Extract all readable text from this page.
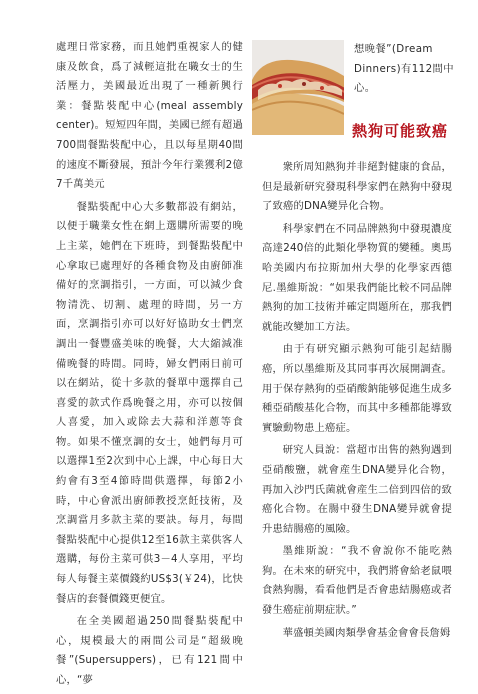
處理日常家務，而且她們重視家人的健康及飲食，爲了減輕這批在職女士的生活壓力，美國最近出現了一種新興行業：餐點裝配中心(meal assembly center)。短短四年間，美國已經有超過700間餐點裝配中心，且以每星期40間的速度不斷發展，預計今年行業獲利2億7千萬美元

餐點裝配中心大多數都設有網站，以便于職業女性在網上選購所需要的晚上主菜，她們在下班時，到餐點裝配中心拿取已處理好的各種食物及由廚師准備好的烹調指引，一方面，可以減少食物清洗、切割、處理的時間，另一方面，烹調指引亦可以好好協助女士們烹調出一餐豐盛美味的晚餐，大大縮減准備晚餐的時間。同時，婦女們兩日前可以在網站，從十多款的餐單中選擇自己喜愛的款式作爲晚餐之用，亦可以按個人喜愛，加入或除去大蒜和洋蔥等食物。如果不懂烹調的女士，她們每月可以選擇1至2次到中心上課，中心每日大約會有3至4節時間供選擇，每節2小時，中心會派出廚師教授烹飪技術，及烹調當月多款主菜的要訣。每月，每間餐點裝配中心提供12至16款主菜供客人選購，每份主菜可供3－4人享用，平均每人每餐主菜價錢約US$3(￥24)，比快餐店的套餐價錢更便宜。

在全美國超過250間餐點裝配中心，規模最大的兩間公司是“超級晚餐”(Supersuppers)，已有121間中心，“夢

想晚餐”(Dream Dinners)有112間中心。
熱狗可能致癌

衆所周知熱狗并非絕對健康的食品，但是最新研究發現科學家們在熱狗中發現了致癌的DNA變异化合物。

科學家們在不同品牌熱狗中發現濃度高達240倍的此類化學物質的變種。奧馬哈美國内布拉斯加州大學的化學家西德尼.墨維斯說：“如果我們能比較不同品牌熱狗的加工技術并確定問題所在，那我們就能改變加工方法。

由于有研究顯示熱狗可能引起結腸癌，所以墨維斯及其同事再次展開調查。用于保存熱狗的亞硝酸鈉能够促進生成多種亞硝酸基化合物，而其中多種都能導致實驗動物患上癌症。

研究人員說：當超市出售的熱狗遇到亞硝酸鹽，就會産生DNA變异化合物，再加入沙門氏菌就會産生二倍到四倍的致癌化合物。在腸中發生DNA變异就會提升患結腸癌的風險。

墨維斯說：“我不會說你不能吃熱狗。在未來的研究中，我們將會給老鼠喂食熱狗腸，看看他們是否會患結腸癌或者發生癌症前期症狀。”

華盛頓美國肉類學會基金會會長詹姆
